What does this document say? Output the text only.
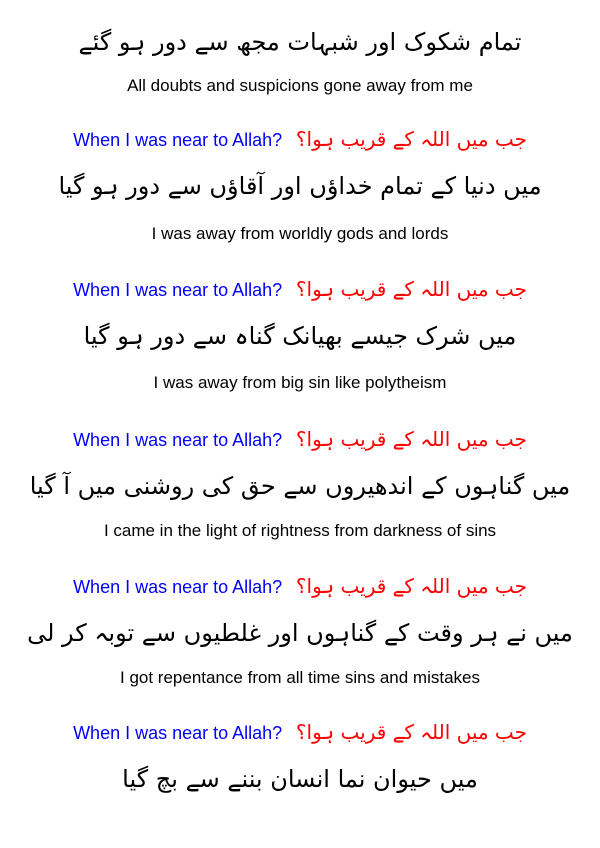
تمام شکوک اور شبہات مجھ سے دور ہو گئے
All doubts and suspicions gone away from me
When I was near to Allah? جب میں اللہ کے قریب ہوا؟
میں دنیا کے تمام خداؤں اور آقاؤں سے دور ہو گیا
I was away from worldly gods and lords
When I was near to Allah? جب میں اللہ کے قریب ہوا؟
میں شرک جیسے بھیانک گناہ سے دور ہو گیا
I was away from big sin like polytheism
When I was near to Allah? جب میں اللہ کے قریب ہوا؟
میں گناہوں کے اندھیروں سے حق کی روشنی میں آ گیا
I came in the light of rightness from darkness of sins
When I was near to Allah? جب میں اللہ کے قریب ہوا؟
میں نے ہر وقت کے گناہوں اور غلطیوں سے توبہ کر لی
I got repentance from all time sins and mistakes
When I was near to Allah? جب میں اللہ کے قریب ہوا؟
میں حیوان نما انسان بننے سے بچ گیا
